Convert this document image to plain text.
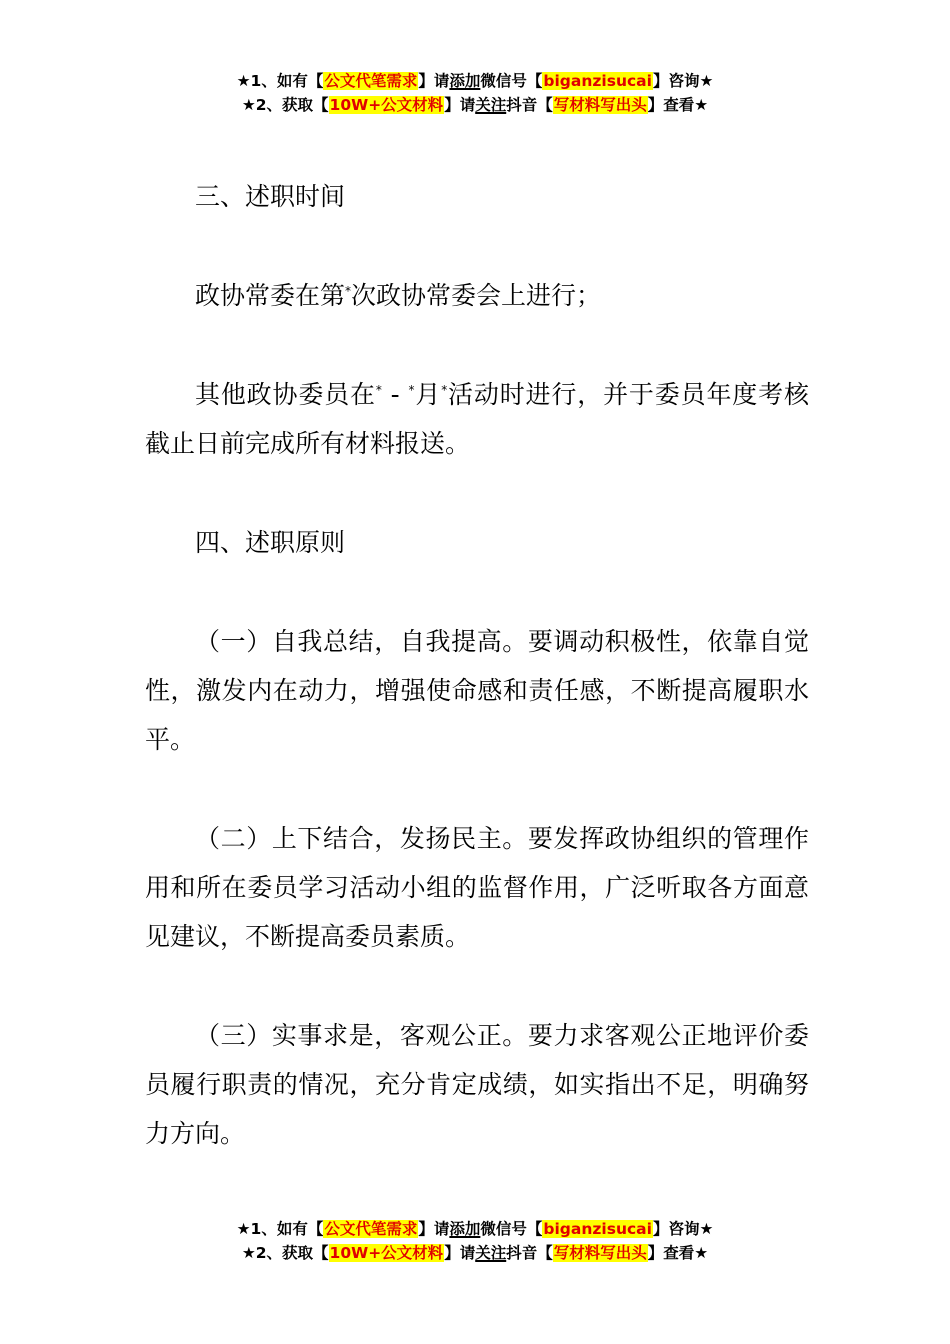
★1、如有【公文代笔需求】请添加微信号【biganzisucai】咨询★
★2、获取【10W+公文材料】请关注抖音【写材料写出头】查看★

三、述职时间

政协常委在第*次政协常委会上进行；

其他政协委员在* - *月*活动时进行，并于委员年度考核截止日前完成所有材料报送。

四、述职原则

（一）自我总结，自我提高。要调动积极性，依靠自觉性，激发内在动力，增强使命感和责任感，不断提高履职水平。

（二）上下结合，发扬民主。要发挥政协组织的管理作用和所在委员学习活动小组的监督作用，广泛听取各方面意见建议，不断提高委员素质。

（三）实事求是，客观公正。要力求客观公正地评价委员履行职责的情况，充分肯定成绩，如实指出不足，明确努力方向。

★1、如有【公文代笔需求】请添加微信号【biganzisucai】咨询★
★2、获取【10W+公文材料】请关注抖音【写材料写出头】查看★
